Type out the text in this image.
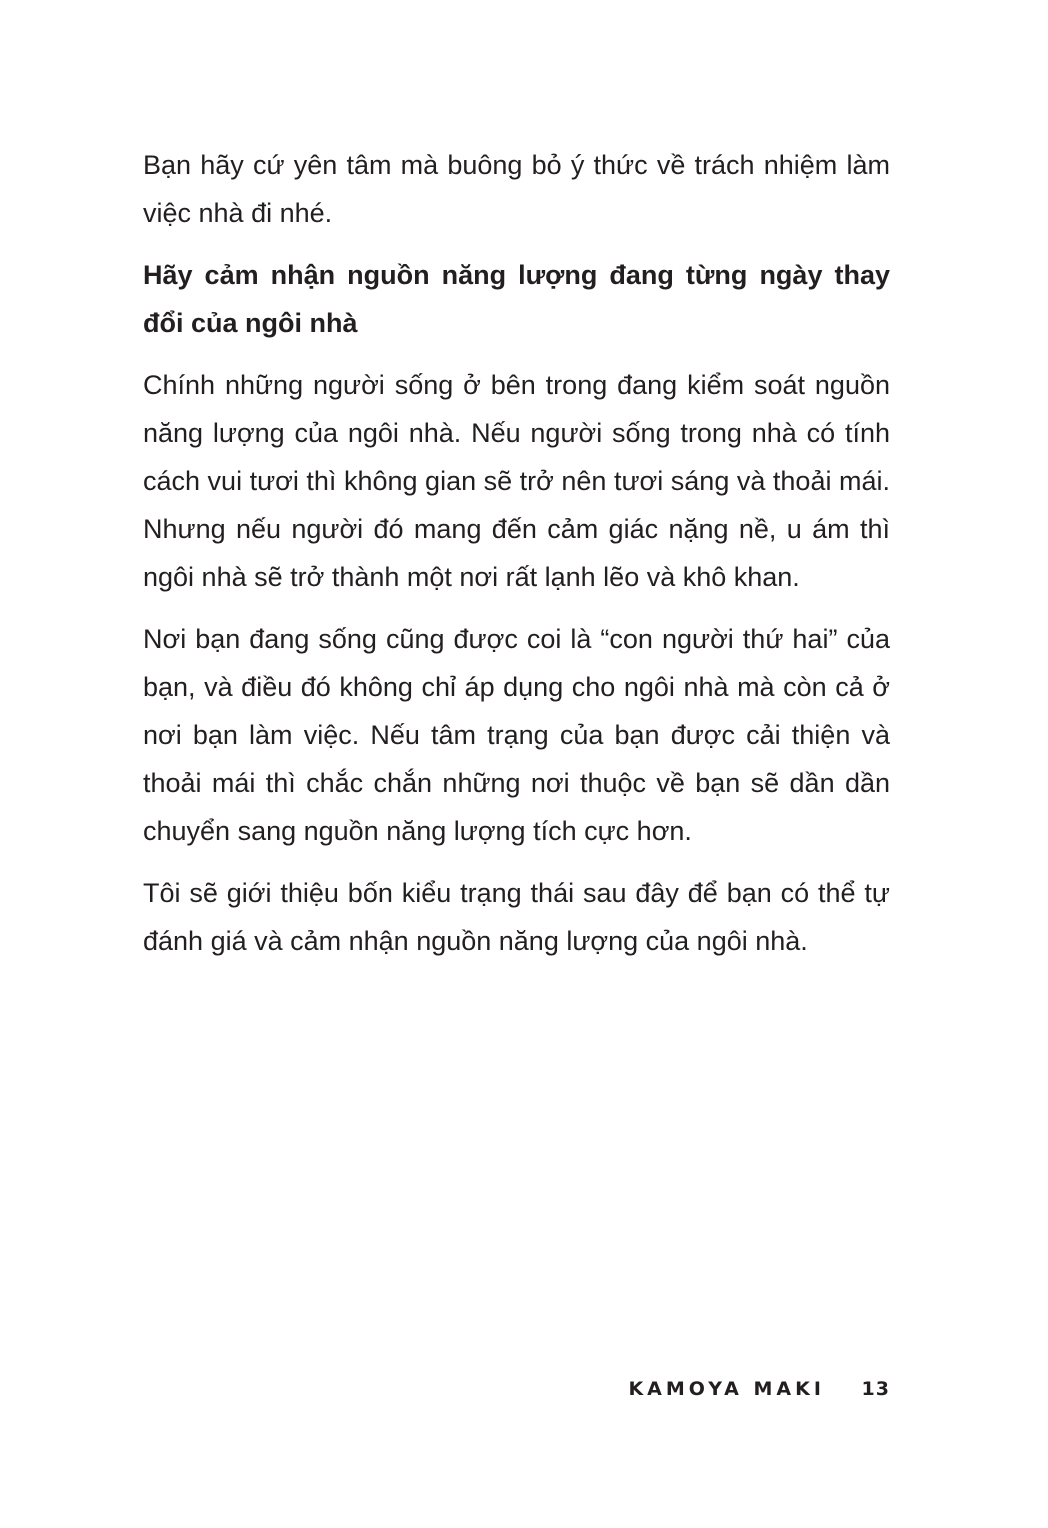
Bạn hãy cứ yên tâm mà buông bỏ ý thức về trách nhiệm làm việc nhà đi nhé.

Hãy cảm nhận nguồn năng lượng đang từng ngày thay đổi của ngôi nhà

Chính những người sống ở bên trong đang kiểm soát nguồn năng lượng của ngôi nhà. Nếu người sống trong nhà có tính cách vui tươi thì không gian sẽ trở nên tươi sáng và thoải mái. Nhưng nếu người đó mang đến cảm giác nặng nề, u ám thì ngôi nhà sẽ trở thành một nơi rất lạnh lẽo và khô khan.

Nơi bạn đang sống cũng được coi là “con người thứ hai” của bạn, và điều đó không chỉ áp dụng cho ngôi nhà mà còn cả ở nơi bạn làm việc. Nếu tâm trạng của bạn được cải thiện và thoải mái thì chắc chắn những nơi thuộc về bạn sẽ dần dần chuyển sang nguồn năng lượng tích cực hơn.

Tôi sẽ giới thiệu bốn kiểu trạng thái sau đây để bạn có thể tự đánh giá và cảm nhận nguồn năng lượng của ngôi nhà.

KAMOYA MAKI 13
